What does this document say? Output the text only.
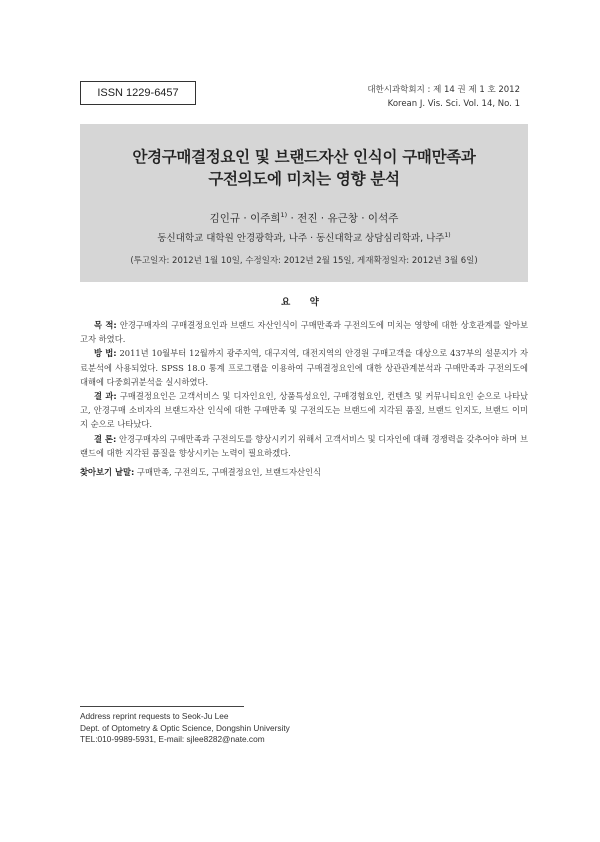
ISSN 1229-6457	대한시과학회지 : 제 14 권 제 1 호 2012
Korean J. Vis. Sci. Vol. 14, No. 1
안경구매결정요인 및 브랜드자산 인식이 구매만족과
구전의도에 미치는 영향 분석
김인규 · 이주희$^{1)}$ · 전진 · 유근창 · 이석주
동신대학교 대학원 안경광학과, 나주 · 동신대학교 상담심리학과, 나주$^{1)}$
(투고일자: 2012년 1월 10일, 수정일자: 2012년 2월 15일, 게재확정일자: 2012년 3월 6일)
요 약
목 적: 안경구매자의 구매결정요인과 브랜드 자산인식이 구매만족과 구전의도에 미치는 영향에 대한 상호관계를 알아보고자 하였다.
방 법: 2011년 10월부터 12월까지 광주지역, 대구지역, 대전지역의 안경원 구매고객을 대상으로 437부의 설문지가 자료분석에 사용되었다. SPSS 18.0 통계 프로그램을 이용하여 구매결정요인에 대한 상관관계분석과 구매만족과 구전의도에 대해에 다중회귀분석을 실시하였다.
결 과: 구매결정요인은 고객서비스 및 디자인요인, 상품특성요인, 구매경험요인, 컨텐츠 및 커뮤니티요인 순으로 나타났고, 안경구매 소비자의 브랜드자산 인식에 대한 구매만족 및 구전의도는 브랜드에 지각된 품질, 브랜드 인지도, 브랜드 이미지 순으로 나타났다.
결 론: 안경구매자의 구매만족과 구전의도를 향상시키기 위해서 고객서비스 및 디자인에 대해 경쟁력을 갖추어야 하며 브랜드에 대한 지각된 품질을 향상시키는 노력이 필요하겠다.
찾아보기 낱말: 구매만족, 구전의도, 구매결정요인, 브랜드자산인식
Address reprint requests to Seok-Ju Lee
Dept. of Optometry & Optic Science, Dongshin University
TEL:010-9989-5931, E-mail: sjlee8282@nate.com
